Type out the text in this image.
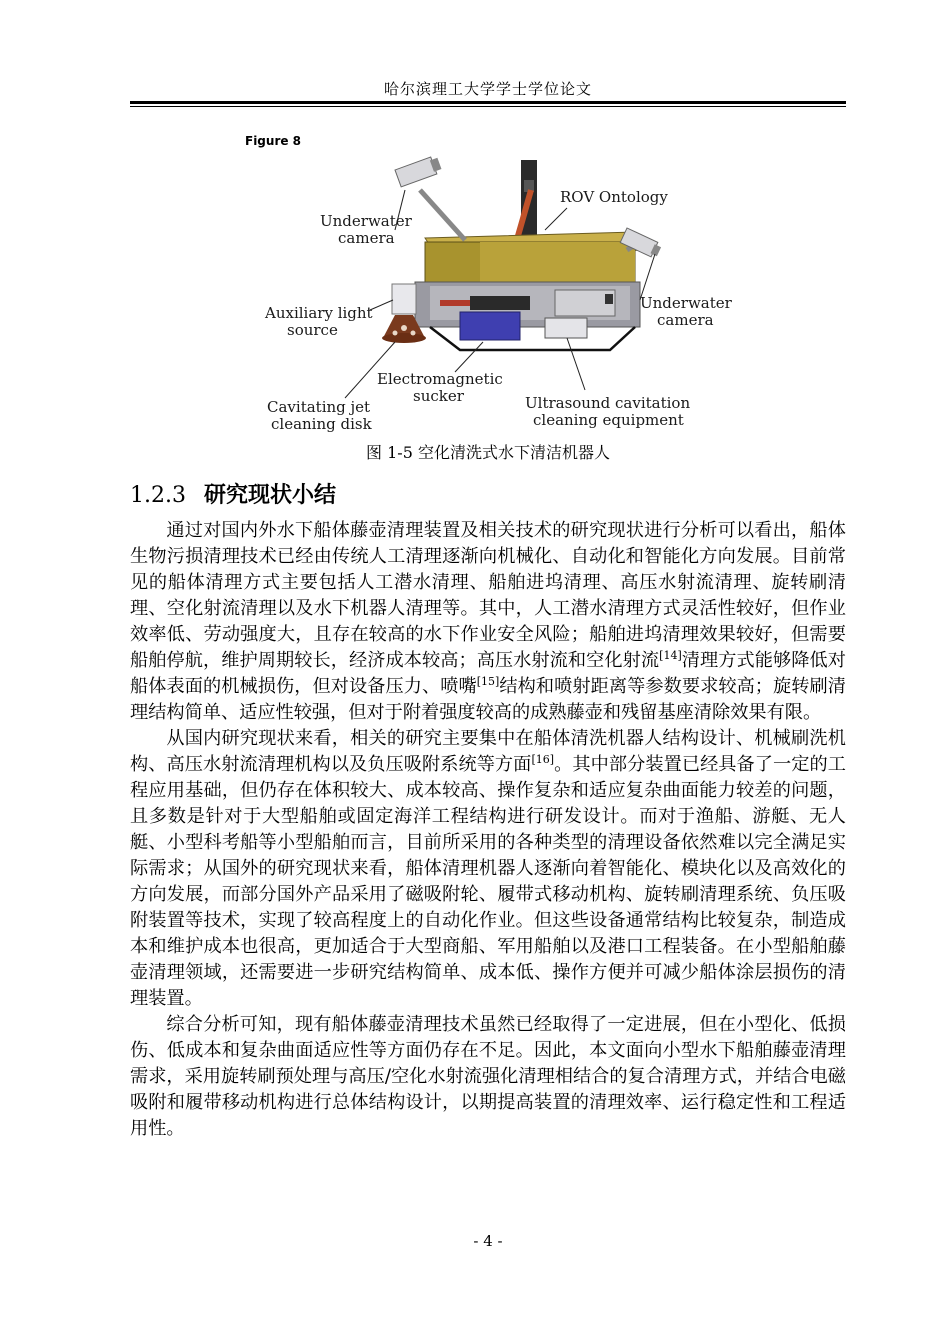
哈尔滨理工大学学士学位论文
Figure 8
Underwater
camera
ROV Ontology
Underwater
camera
Auxiliary light
source
Electromagnetic
sucker
Cavitating jet
cleaning disk
Ultrasound cavitation
cleaning equipment
图 1-5 空化清洗式水下清洁机器人
1.2.3 研究现状小结

通过对国内外水下船体藤壶清理装置及相关技术的研究现状进行分析可以看出，船体生物污损清理技术已经由传统人工清理逐渐向机械化、自动化和智能化方向发展。目前常见的船体清理方式主要包括人工潜水清理、船舶进坞清理、高压水射流清理、旋转刷清理、空化射流清理以及水下机器人清理等。其中，人工潜水清理方式灵活性较好，但作业效率低、劳动强度大，且存在较高的水下作业安全风险；船舶进坞清理效果较好，但需要船舶停航，维护周期较长，经济成本较高；高压水射流和空化射流[14]清理方式能够降低对船体表面的机械损伤，但对设备压力、喷嘴[15]结构和喷射距离等参数要求较高；旋转刷清理结构简单、适应性较强，但对于附着强度较高的成熟藤壶和残留基座清除效果有限。

从国内研究现状来看，相关的研究主要集中在船体清洗机器人结构设计、机械刷洗机构、高压水射流清理机构以及负压吸附系统等方面[16]。其中部分装置已经具备了一定的工程应用基础，但仍存在体积较大、成本较高、操作复杂和适应复杂曲面能力较差的问题，且多数是针对于大型船舶或固定海洋工程结构进行研发设计。而对于渔船、游艇、无人艇、小型科考船等小型船舶而言，目前所采用的各种类型的清理设备依然难以完全满足实际需求；从国外的研究现状来看，船体清理机器人逐渐向着智能化、模块化以及高效化的方向发展，而部分国外产品采用了磁吸附轮、履带式移动机构、旋转刷清理系统、负压吸附装置等技术，实现了较高程度上的自动化作业。但这些设备通常结构比较复杂，制造成本和维护成本也很高，更加适合于大型商船、军用船舶以及港口工程装备。在小型船舶藤壶清理领域，还需要进一步研究结构简单、成本低、操作方便并可减少船体涂层损伤的清理装置。

综合分析可知，现有船体藤壶清理技术虽然已经取得了一定进展，但在小型化、低损伤、低成本和复杂曲面适应性等方面仍存在不足。因此，本文面向小型水下船舶藤壶清理需求，采用旋转刷预处理与高压/空化水射流强化清理相结合的复合清理方式，并结合电磁吸附和履带移动机构进行总体结构设计，以期提高装置的清理效率、运行稳定性和工程适用性。

- 4 -
